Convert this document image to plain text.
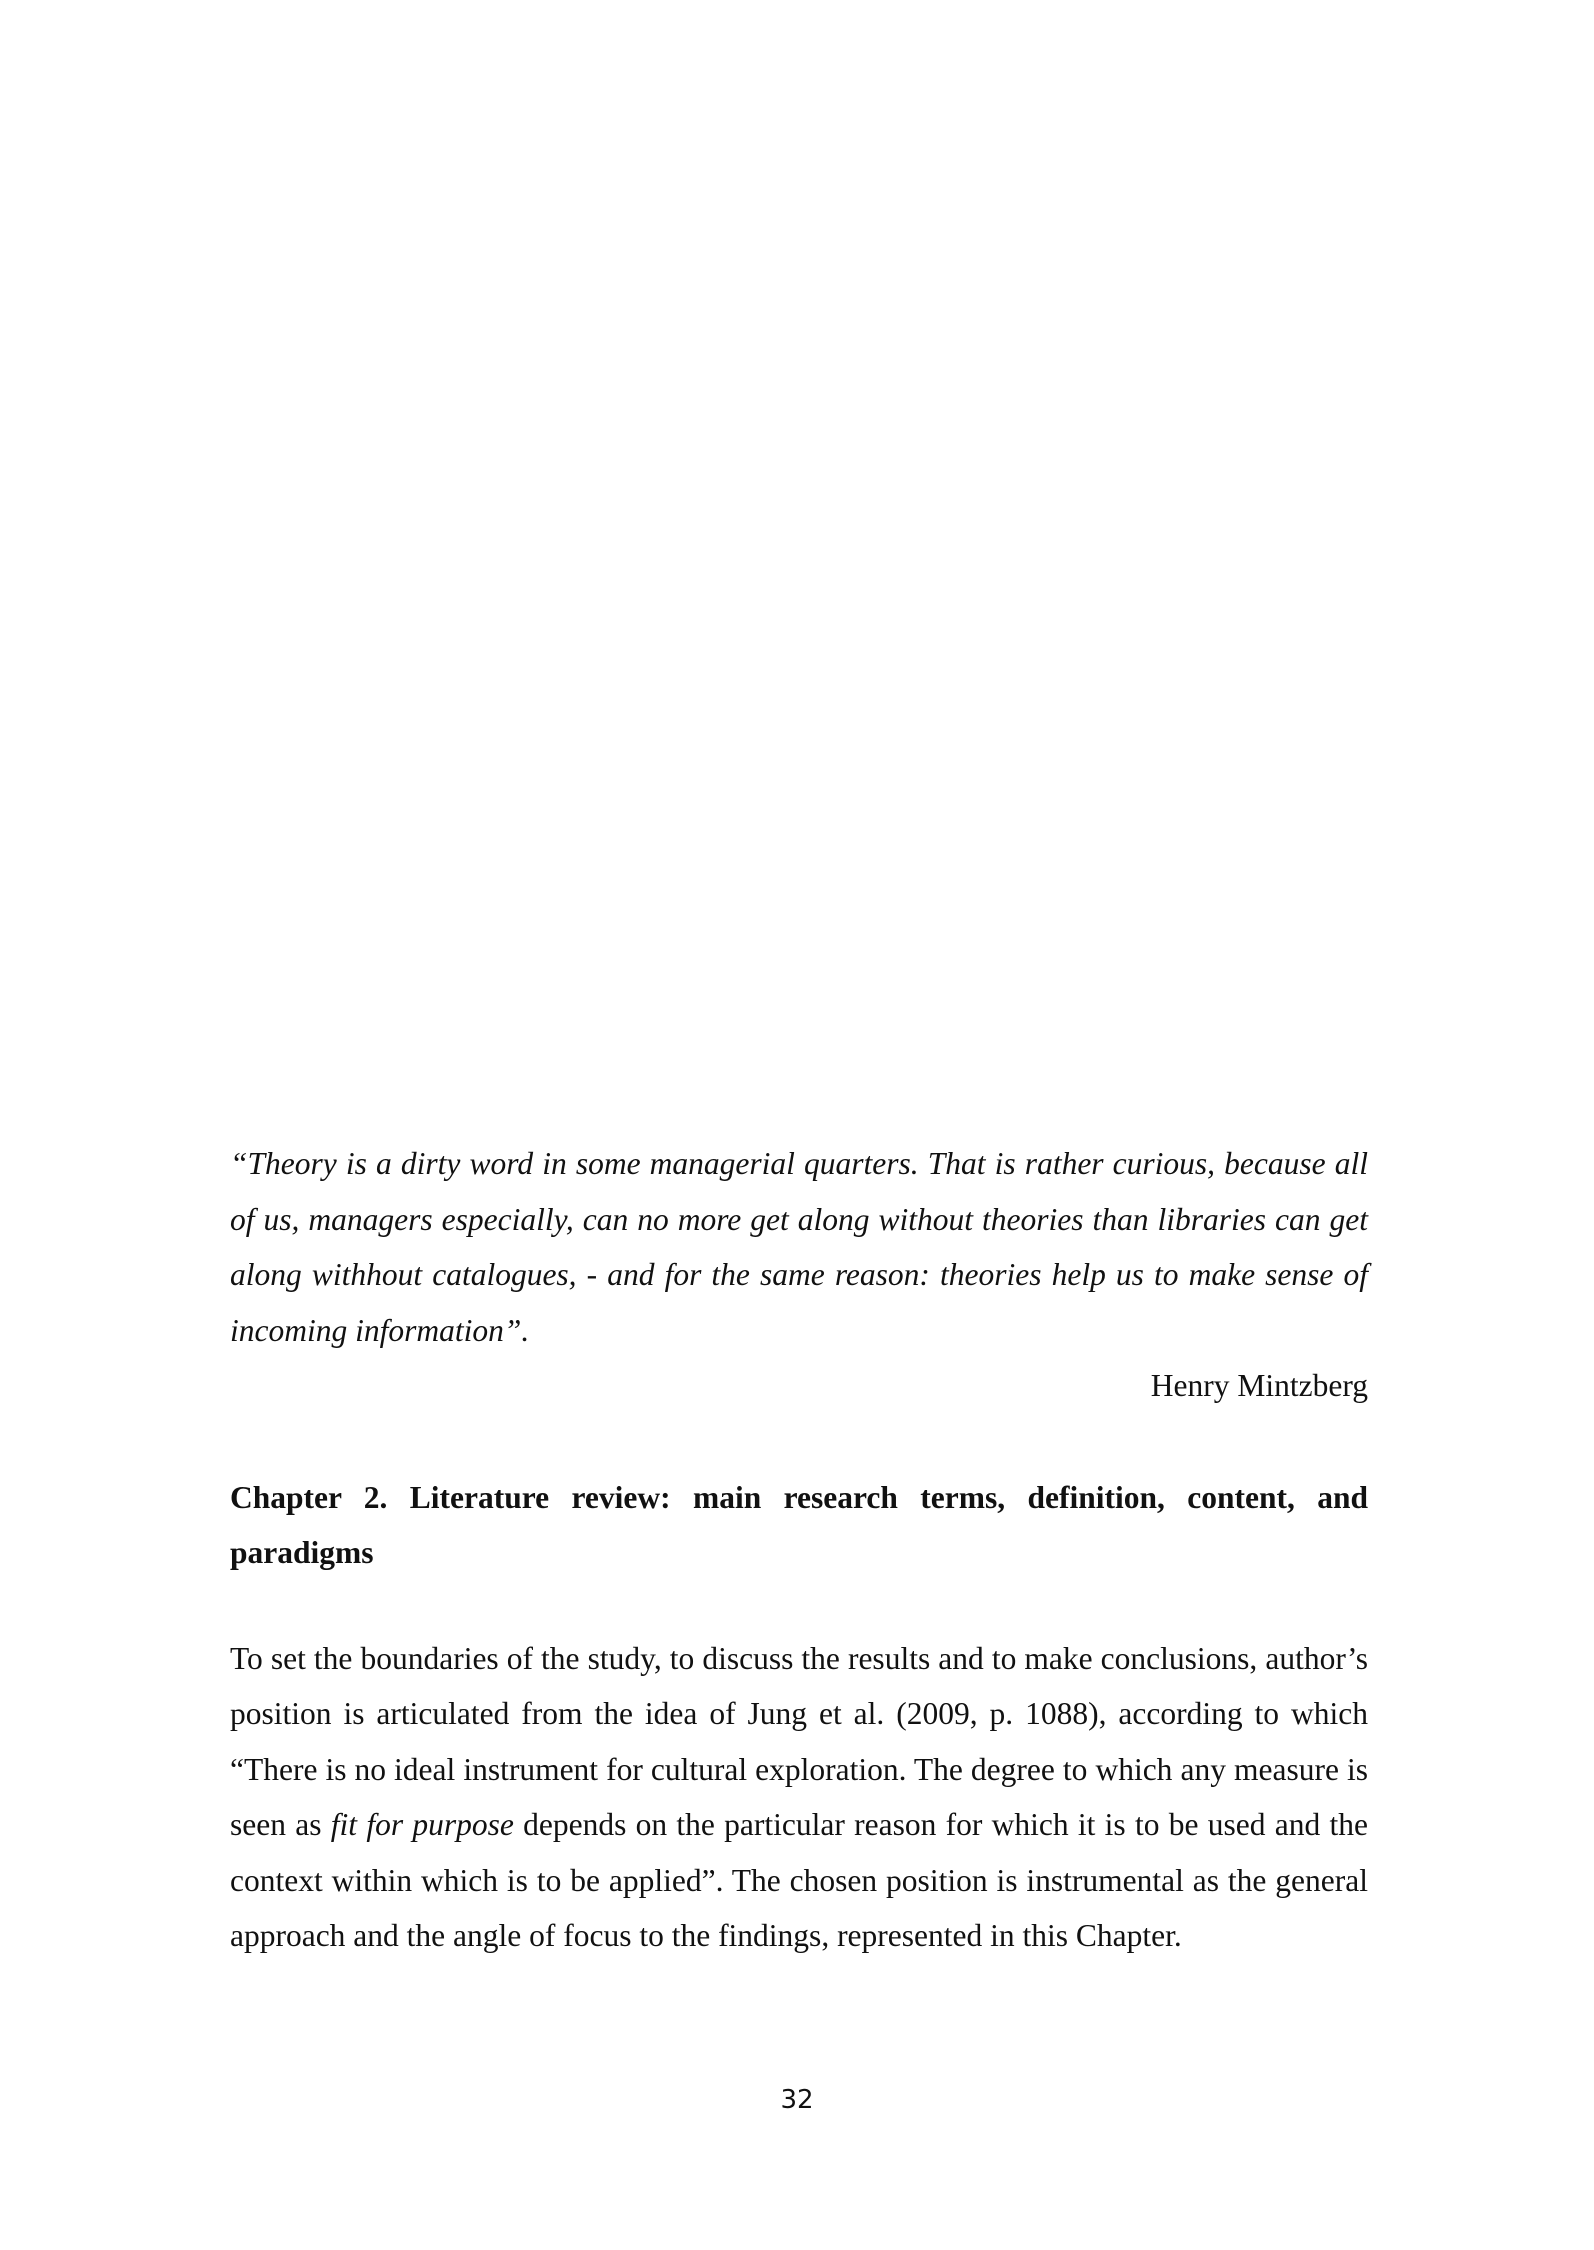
“Theory is a dirty word in some managerial quarters. That is rather curious, because all of us, managers especially, can no more get along without theories than libraries can get along withhout catalogues, - and for the same reason: theories help us to make sense of incoming information”.

Henry Mintzberg

Chapter 2. Literature review: main research terms, definition, content, and paradigms

To set the boundaries of the study, to discuss the results and to make conclusions, author’s position is articulated from the idea of Jung et al. (2009, p. 1088), according to which “There is no ideal instrument for cultural exploration. The degree to which any measure is seen as fit for purpose depends on the particular reason for which it is to be used and the context within which is to be applied”. The chosen position is instrumental as the general approach and the angle of focus to the findings, represented in this Chapter.

32
